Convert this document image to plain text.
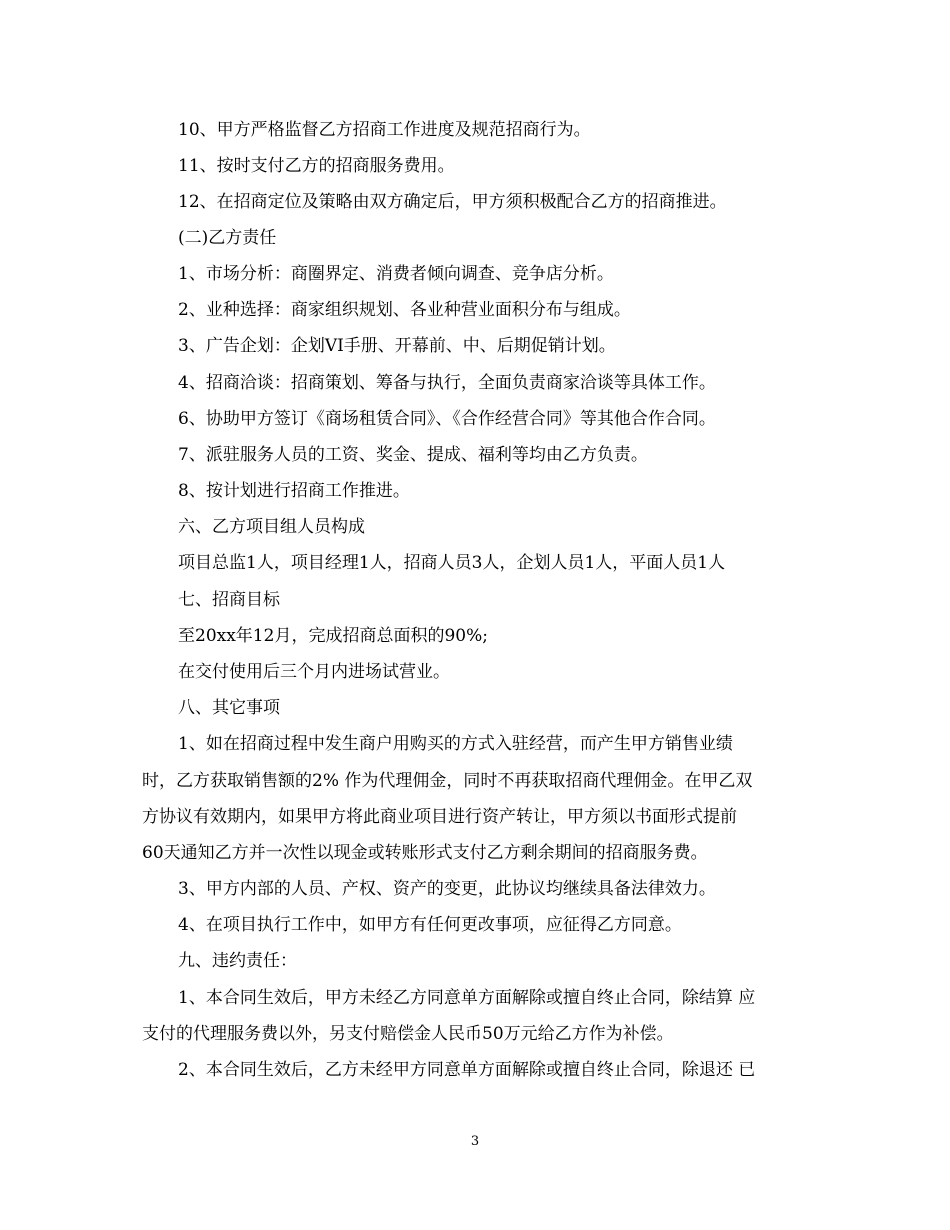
10、甲方严格监督乙方招商工作进度及规范招商行为。
11、按时支付乙方的招商服务费用。
12、在招商定位及策略由双方确定后，甲方须积极配合乙方的招商推进。
(二)乙方责任
1、市场分析：商圈界定、消费者倾向调查、竞争店分析。
2、业种选择：商家组织规划、各业种营业面积分布与组成。
3、广告企划：企划VI手册、开幕前、中、后期促销计划。
4、招商洽谈：招商策划、筹备与执行，全面负责商家洽谈等具体工作。
6、协助甲方签订《商场租赁合同》、《合作经营合同》等其他合作合同。
7、派驻服务人员的工资、奖金、提成、福利等均由乙方负责。
8、按计划进行招商工作推进。
六、乙方项目组人员构成
项目总监1人，项目经理1人，招商人员3人，企划人员1人，平面人员1人
七、招商目标
至20xx年12月，完成招商总面积的90%;
在交付使用后三个月内进场试营业。
八、其它事项
1、如在招商过程中发生商户用购买的方式入驻经营，而产生甲方销售业绩
时，乙方获取销售额的2% 作为代理佣金，同时不再获取招商代理佣金。在甲乙双
方协议有效期内，如果甲方将此商业项目进行资产转让，甲方须以书面形式提前
60天通知乙方并一次性以现金或转账形式支付乙方剩余期间的招商服务费。
3、甲方内部的人员、产权、资产的变更，此协议均继续具备法律效力。
4、在项目执行工作中，如甲方有任何更改事项，应征得乙方同意。
九、违约责任：
1、本合同生效后，甲方未经乙方同意单方面解除或擅自终止合同，除结算 应
支付的代理服务费以外，另支付赔偿金人民币50万元给乙方作为补偿。
2、本合同生效后，乙方未经甲方同意单方面解除或擅自终止合同，除退还 已
3
